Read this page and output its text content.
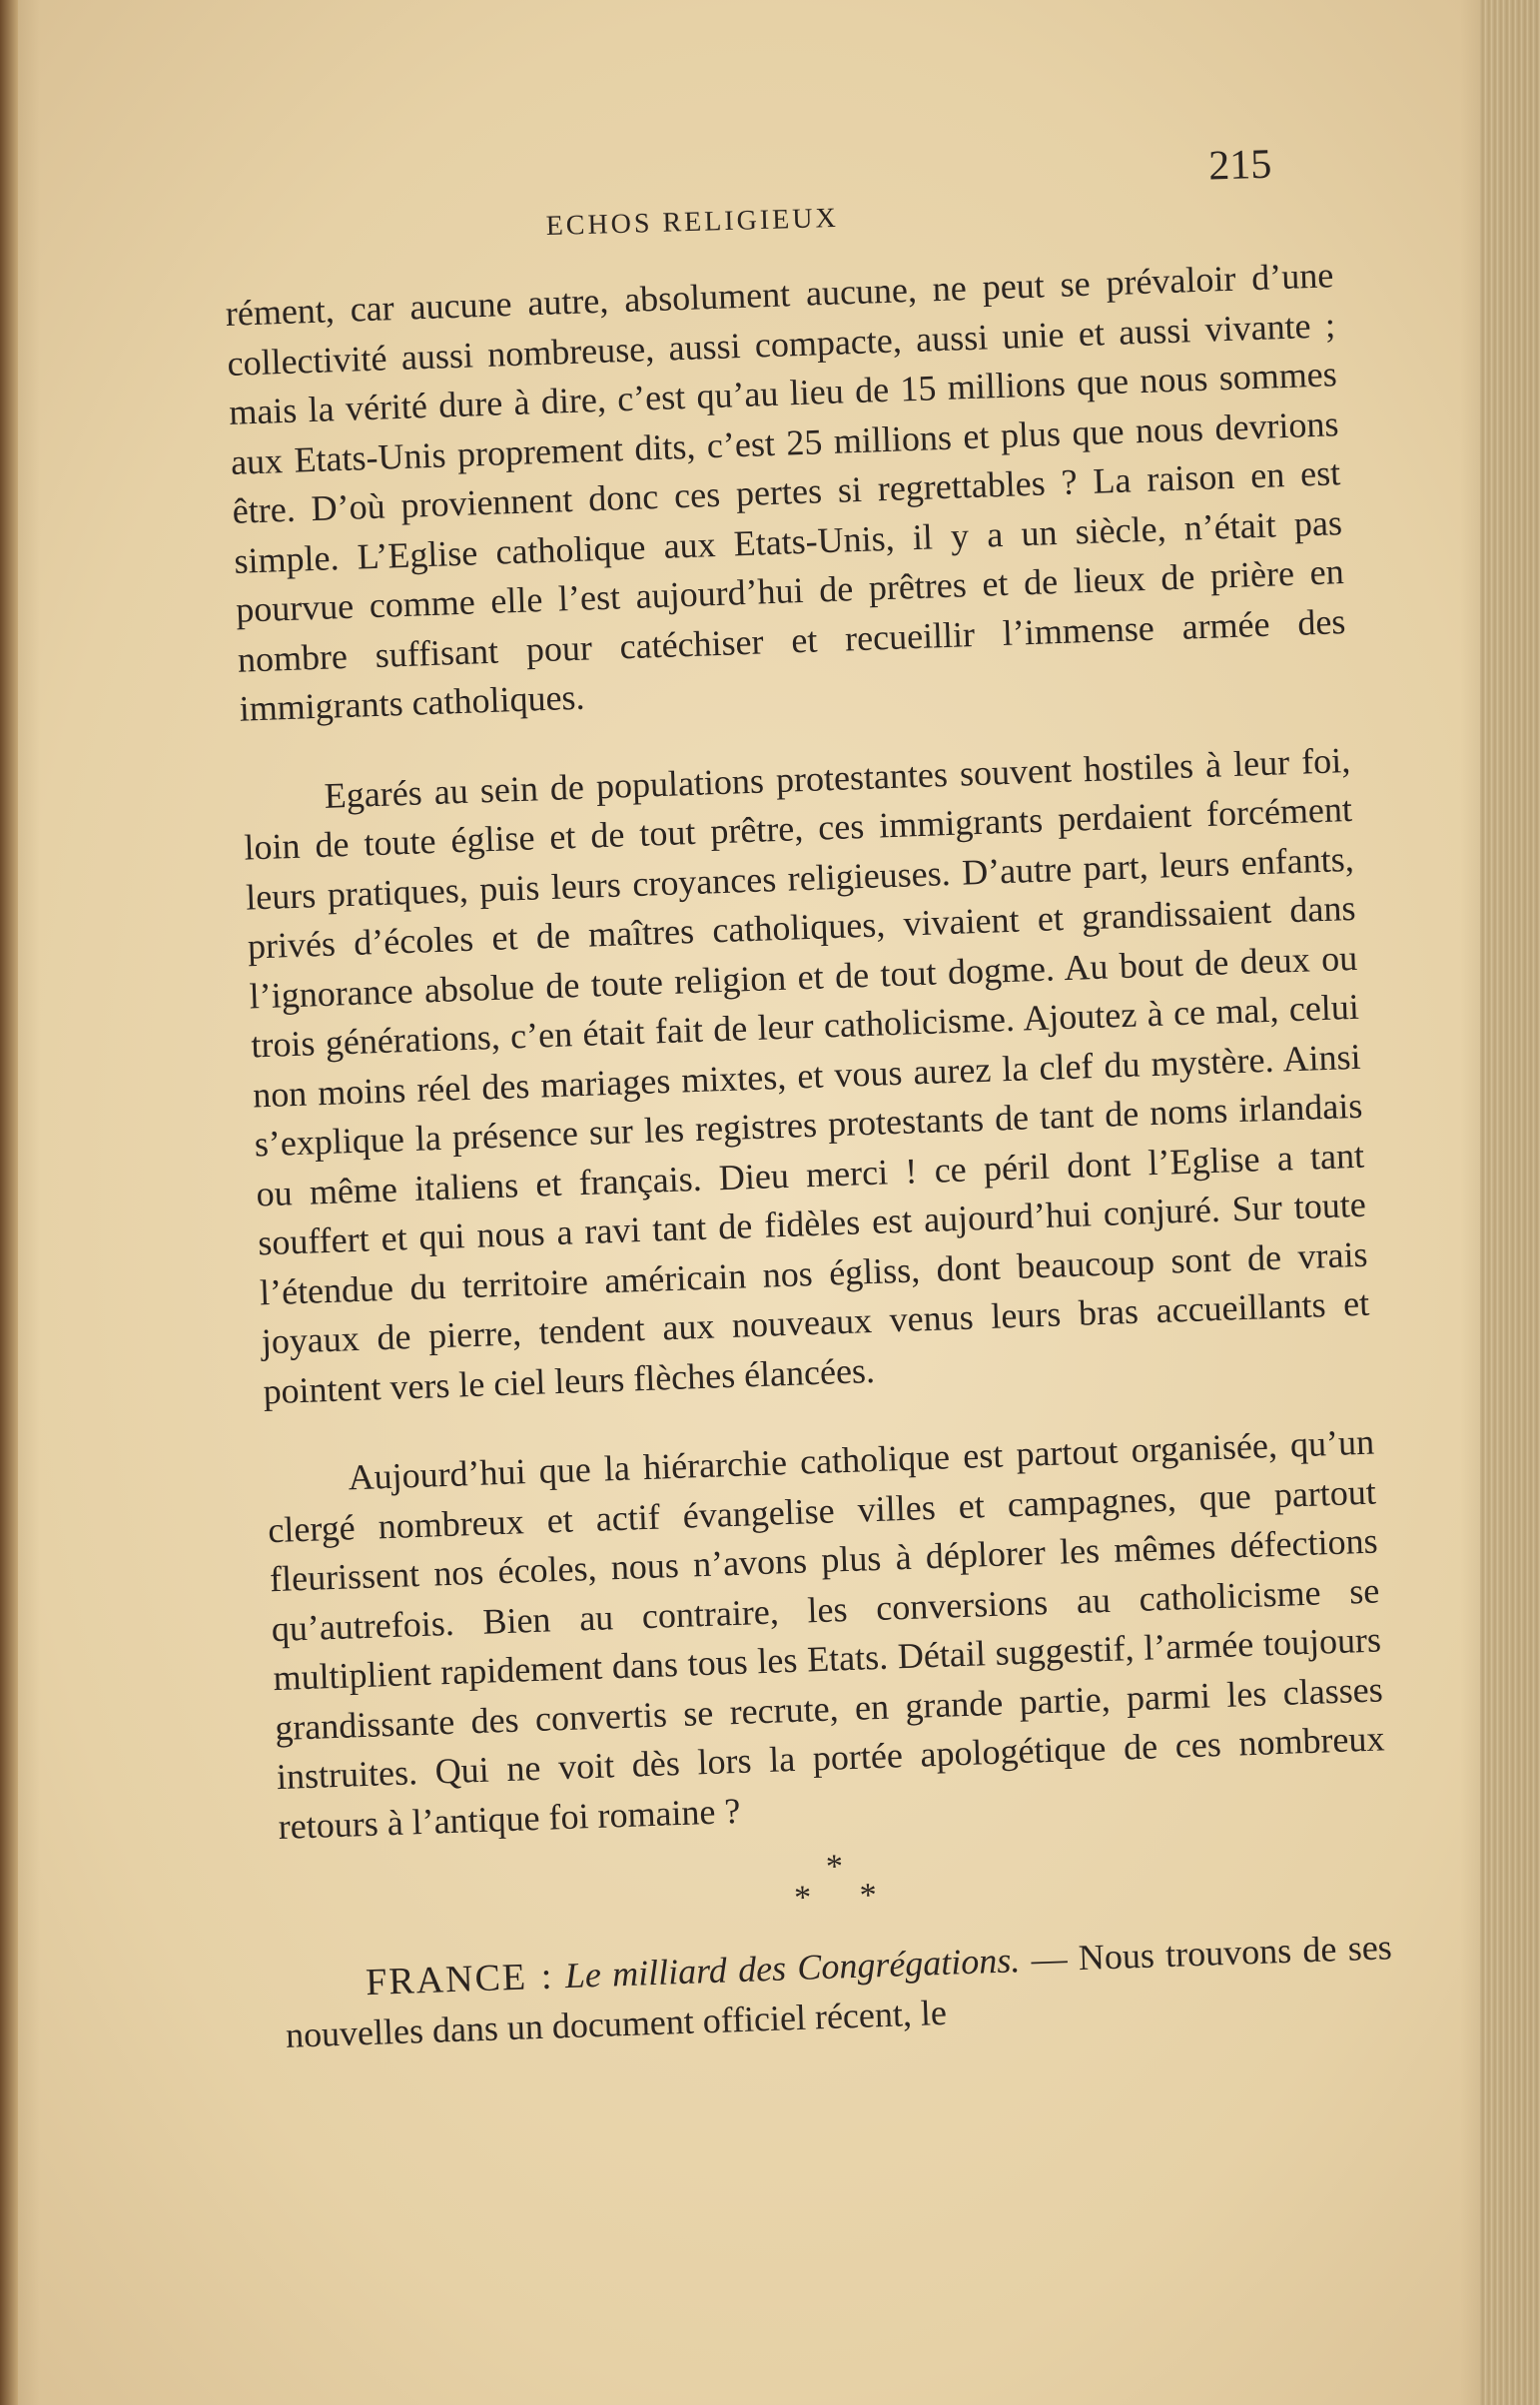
ECHOS RELIGIEUX
215

rément, car aucune autre, absolument aucune, ne peut se prévaloir d’une collectivité aussi nombreuse, aussi compacte, aussi unie et aussi vivante ; mais la vérité dure à dire, c’est qu’au lieu de 15 millions que nous sommes aux Etats-Unis proprement dits, c’est 25 millions et plus que nous devrions être. D’où proviennent donc ces pertes si regrettables ? La raison en est simple. L’Eglise catholique aux Etats-Unis, il y a un siècle, n’était pas pourvue comme elle l’est aujourd’hui de prêtres et de lieux de prière en nombre suffisant pour catéchiser et recueillir l’immense armée des immigrants catholiques.

Egarés au sein de populations protestantes souvent hostiles à leur foi, loin de toute église et de tout prêtre, ces immigrants perdaient forcément leurs pratiques, puis leurs croyances religieuses. D’autre part, leurs enfants, privés d’écoles et de maîtres catholiques, vivaient et grandissaient dans l’ignorance absolue de toute religion et de tout dogme. Au bout de deux ou trois générations, c’en était fait de leur catholicisme. Ajoutez à ce mal, celui non moins réel des mariages mixtes, et vous aurez la clef du mystère. Ainsi s’explique la présence sur les registres protestants de tant de noms irlandais ou même italiens et français. Dieu merci ! ce péril dont l’Eglise a tant souffert et qui nous a ravi tant de fidèles est aujourd’hui conjuré. Sur toute l’étendue du territoire américain nos égliss, dont beaucoup sont de vrais joyaux de pierre, tendent aux nouveaux venus leurs bras accueillants et pointent vers le ciel leurs flèches élancées.

Aujourd’hui que la hiérarchie catholique est partout organisée, qu’un clergé nombreux et actif évangelise villes et campagnes, que partout fleurissent nos écoles, nous n’avons plus à déplorer les mêmes défections qu’autrefois. Bien au contraire, les conversions au catholicisme se multiplient rapidement dans tous les Etats. Détail suggestif, l’armée toujours grandissante des convertis se recrute, en grande partie, parmi les classes instruites. Qui ne voit dès lors la portée apologétique de ces nombreux retours à l’antique foi romaine ?

*
* *

FRANCE : Le milliard des Congrégations. — Nous trouvons de ses nouvelles dans un document officiel récent, le
